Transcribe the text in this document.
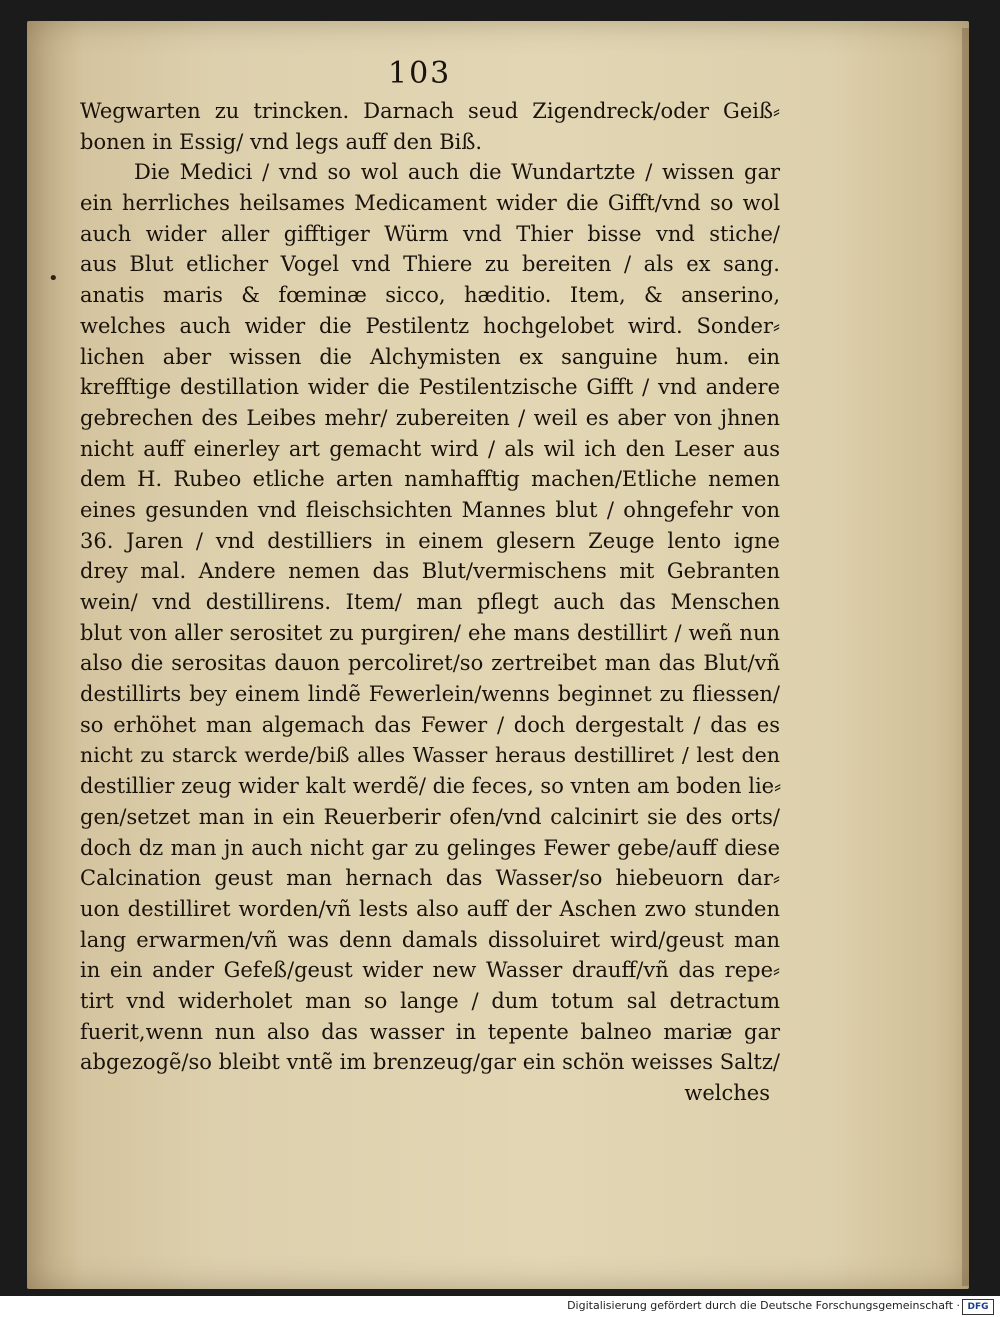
103
•
Wegwarten zu trincken. Darnach seud Zigendreck/oder Geiß⸗
bonen in Essig/ vnd legs auff den Biß.
Die Medici / vnd so wol auch die Wundartzte / wissen gar
ein herrliches heilsames Medicament wider die Gifft/vnd so wol
auch wider aller gifftiger Würm vnd Thier bisse vnd stiche/
aus Blut etlicher Vogel vnd Thiere zu bereiten / als ex sang.
anatis maris & fœminæ sicco, hæditio. Item, & anserino,
welches auch wider die Pestilentz hochgelobet wird. Sonder⸗
lichen aber wissen die Alchymisten ex sanguine hum. ein
krefftige destillation wider die Pestilentzische Gifft / vnd andere
gebrechen des Leibes mehr/ zubereiten / weil es aber von jhnen
nicht auff einerley art gemacht wird / als wil ich den Leser aus
dem H. Rubeo etliche arten namhafftig machen/Etliche nemen
eines gesunden vnd fleischsichten Mannes blut / ohngefehr von
36. Jaren / vnd destilliers in einem glesern Zeuge lento igne
drey mal. Andere nemen das Blut/vermischens mit Gebranten
wein/ vnd destillirens. Item/ man pflegt auch das Menschen
blut von aller serositet zu purgiren/ ehe mans destillirt / weñ nun
also die serositas dauon percoliret/so zertreibet man das Blut/vñ
destillirts bey einem lindẽ Fewerlein/wenns beginnet zu fliessen/
so erhöhet man algemach das Fewer / doch dergestalt / das es
nicht zu starck werde/biß alles Wasser heraus destilliret / lest den
destillier zeug wider kalt werdẽ/ die feces, so vnten am boden lie⸗
gen/setzet man in ein Reuerberir ofen/vnd calcinirt sie des orts/
doch dz man jn auch nicht gar zu gelinges Fewer gebe/auff diese
Calcination geust man hernach das Wasser/so hiebeuorn dar⸗
uon destilliret worden/vñ lests also auff der Aschen zwo stunden
lang erwarmen/vñ was denn damals dissoluiret wird/geust man
in ein ander Gefeß/geust wider new Wasser drauff/vñ das repe⸗
tirt vnd widerholet man so lange / dum totum sal detractum
fuerit,wenn nun also das wasser in tepente balneo mariæ gar
abgezogẽ/so bleibt vntẽ im brenzeug/gar ein schön weisses Saltz/
welches
Digitalisierung gefördert durch die Deutsche Forschungsgemeinschaft · DFG
